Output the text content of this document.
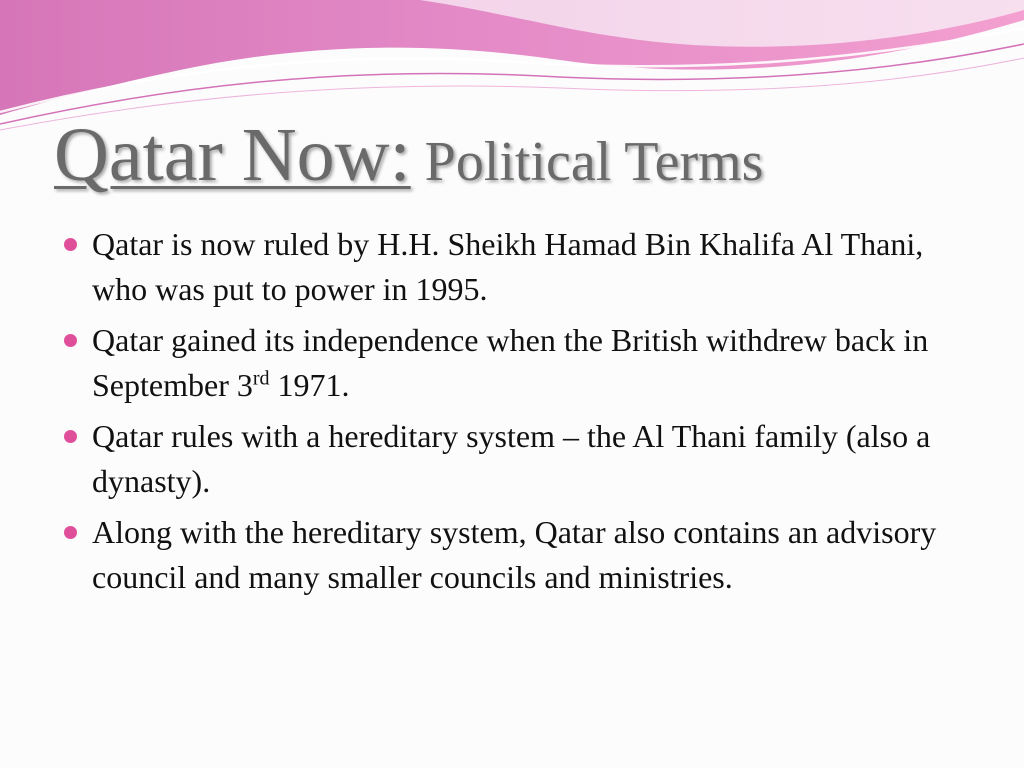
Qatar Now: Political Terms
Qatar is now ruled by H.H. Sheikh Hamad Bin Khalifa Al Thani, who was put to power in 1995.
Qatar gained its independence when the British withdrew back in September 3rd 1971.
Qatar rules with a hereditary system – the Al Thani family (also a dynasty).
Along with the hereditary system, Qatar also contains an advisory council and many smaller councils and ministries.
